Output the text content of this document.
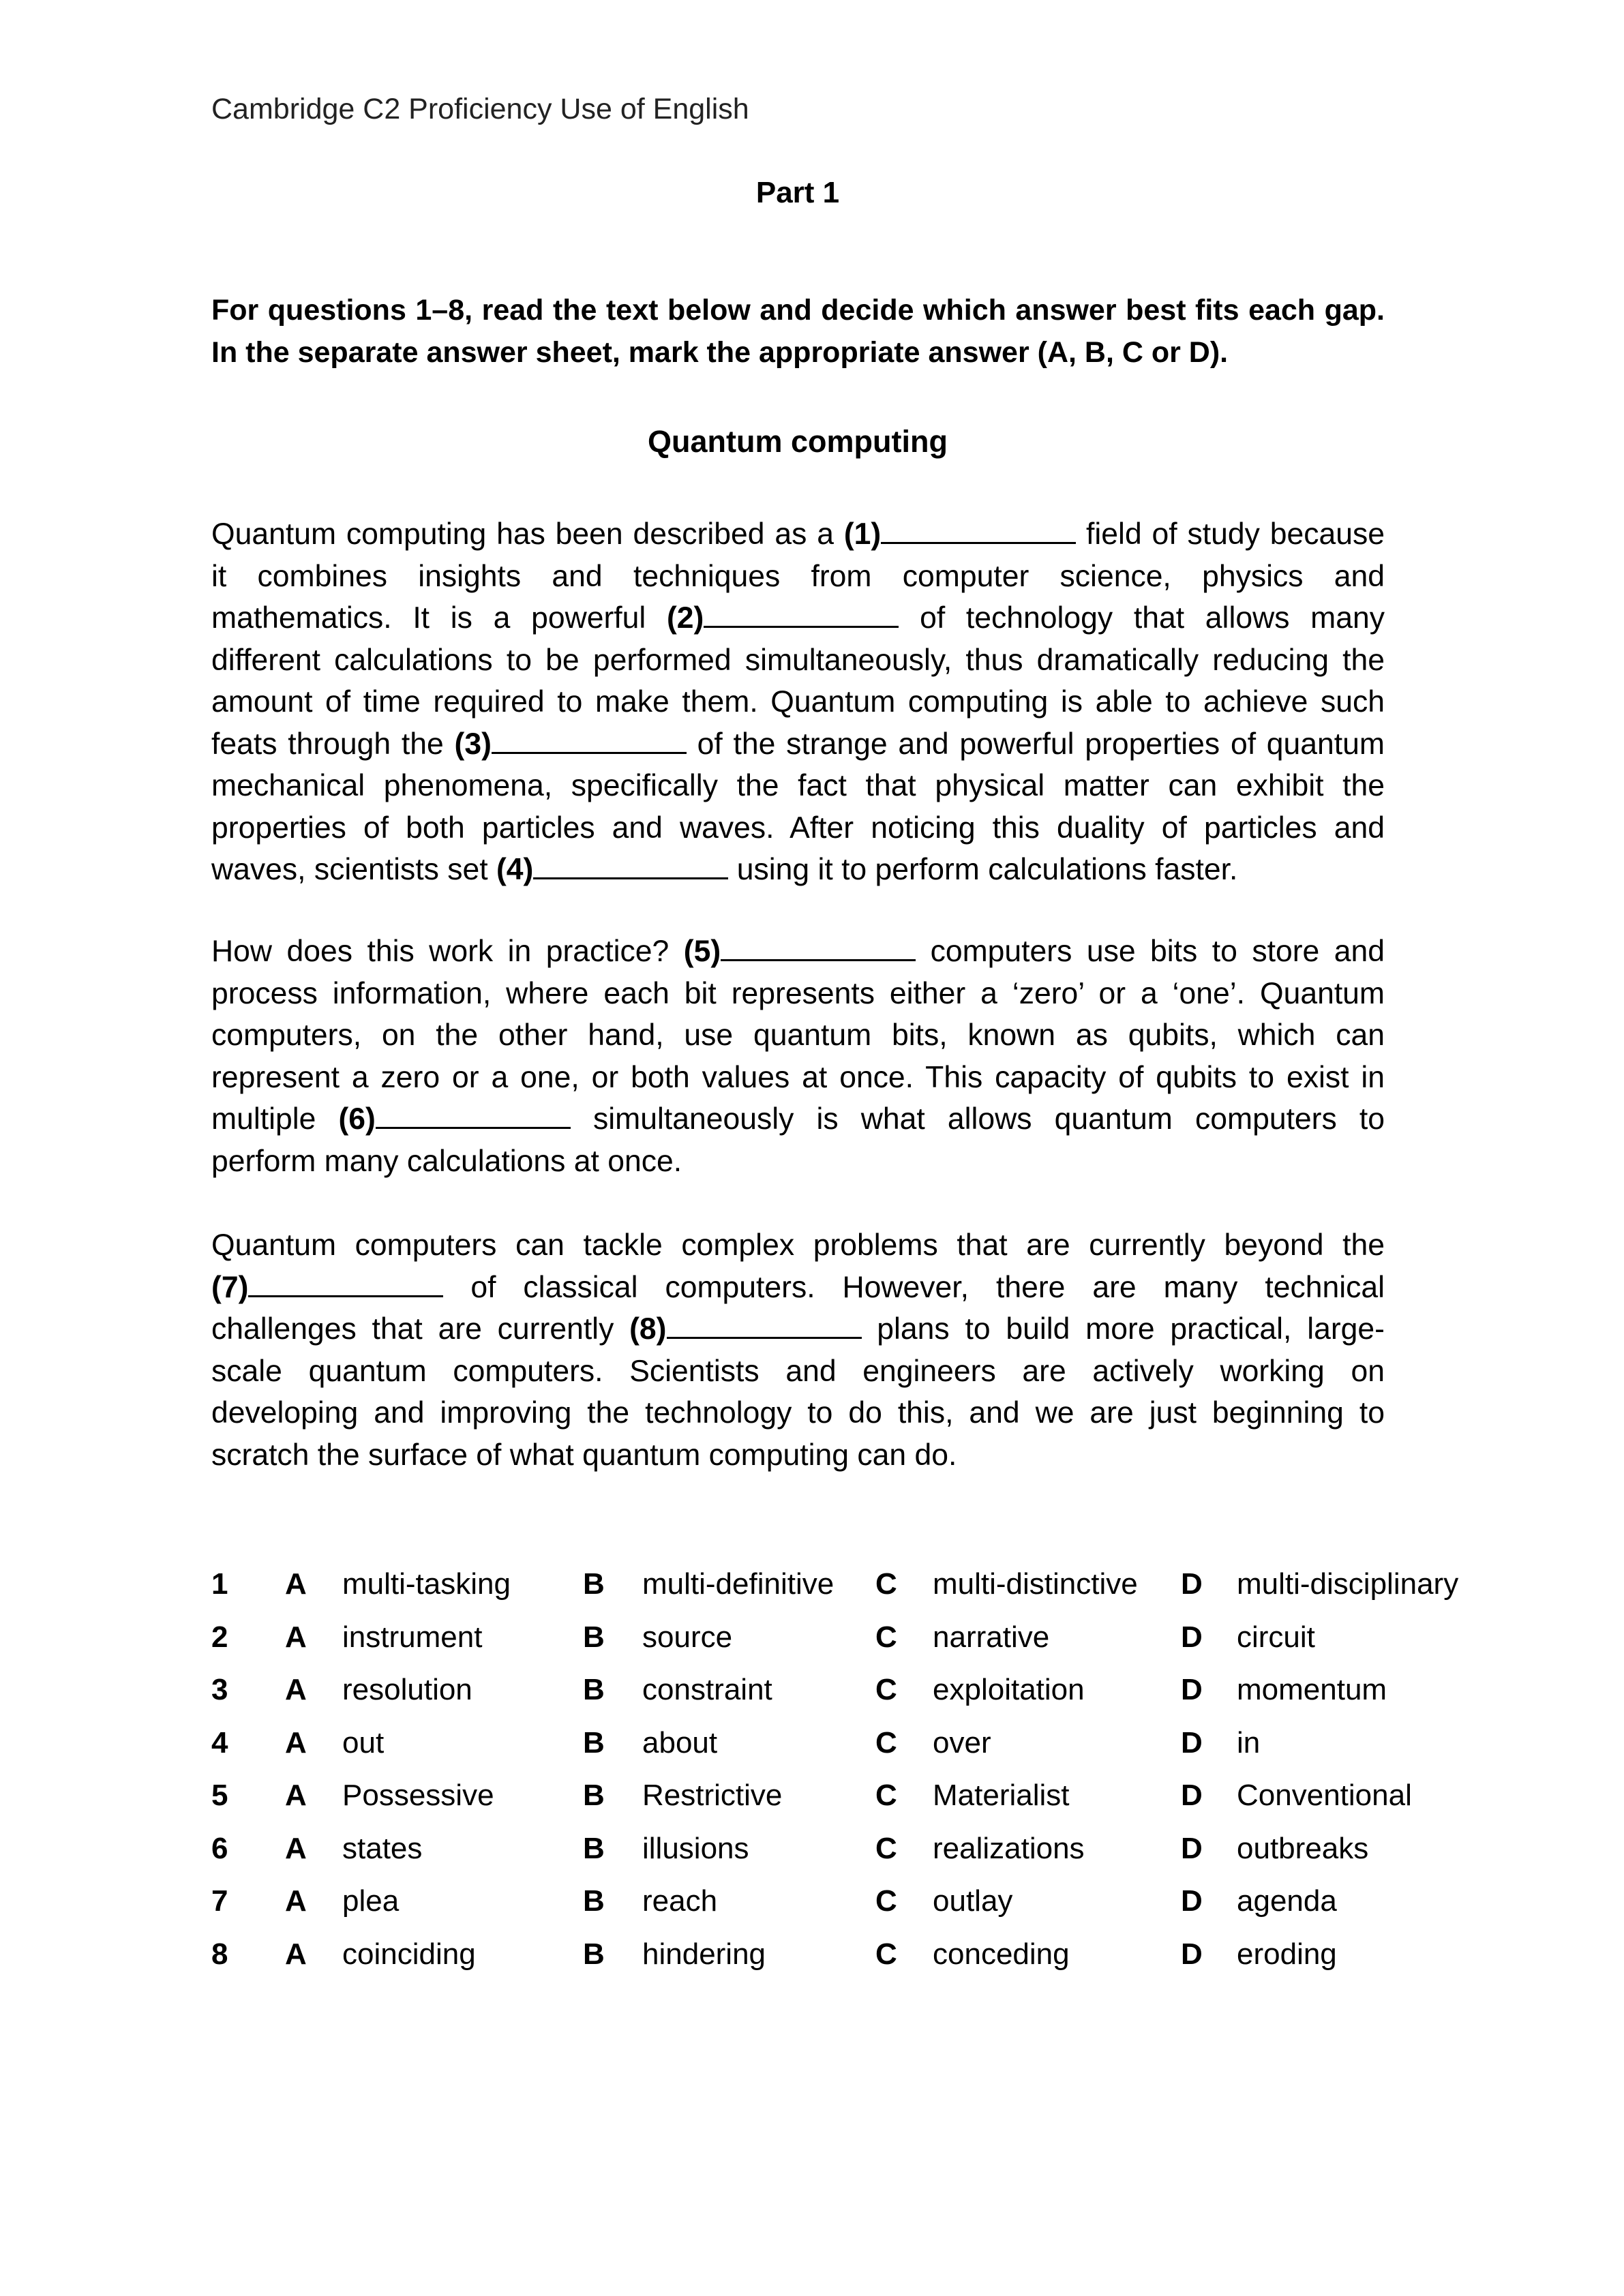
Cambridge C2 Proficiency Use of English
Part 1
For questions 1–8, read the text below and decide which answer best fits each gap. In the separate answer sheet, mark the appropriate answer (A, B, C or D).
Quantum computing
Quantum computing has been described as a (1)	field of study because
it combines insights and techniques from computer science, physics and
mathematics. It is a powerful (2)	of technology that allows many
different calculations to be performed simultaneously, thus dramatically reducing the
amount of time required to make them. Quantum computing is able to achieve such
feats through the (3)	of the strange and powerful properties of quantum
mechanical phenomena, specifically the fact that physical matter can exhibit the
properties of both particles and waves. After noticing this duality of particles and
waves, scientists set (4)	using it to perform calculations faster.
How does this work in practice? (5)	computers use bits to store and
process information, where each bit represents either a ‘zero’ or a ‘one’. Quantum
computers, on the other hand, use quantum bits, known as qubits, which can
represent a zero or a one, or both values at once. This capacity of qubits to exist in
multiple (6)	simultaneously is what allows quantum computers to
perform many calculations at once.
Quantum computers can tackle complex problems that are currently beyond the
(7)	of classical computers. However, there are many technical
challenges that are currently (8)	plans to build more practical, large-
scale quantum computers. Scientists and engineers are actively working on
developing and improving the technology to do this, and we are just beginning to
scratch the surface of what quantum computing can do.
1 A multi-tasking B multi-definitive C multi-distinctive D multi-disciplinary
2 A instrument	B source	C narrative	D circuit
3 A resolution	B constraint	C exploitation	D momentum
4 A out	B about	C over	D in
5 A Possessive	B Restrictive	C Materialist	D Conventional
6 A states	B illusions	C realizations	D outbreaks
7 A plea	B reach	C outlay	D agenda
8 A coinciding	B hindering	C conceding	D eroding
